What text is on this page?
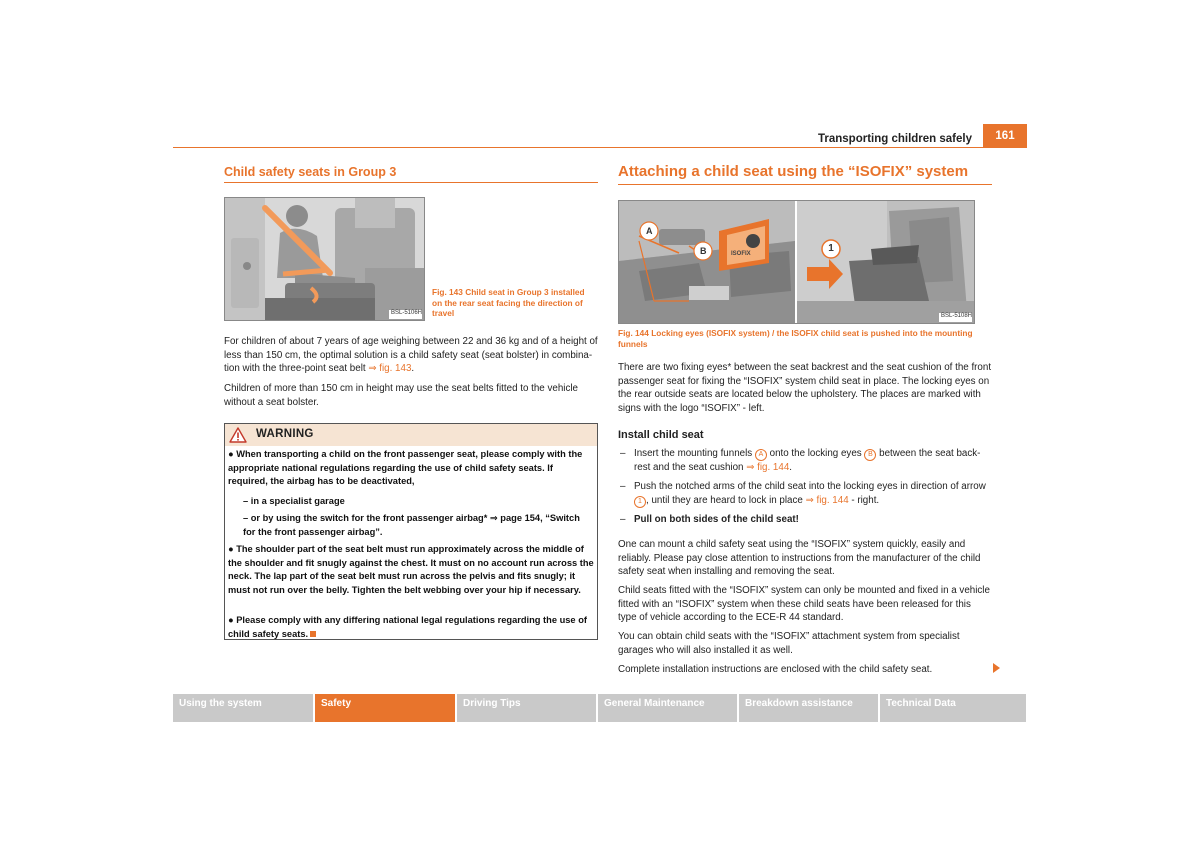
Transporting children safely	161
Child safety seats in Group 3
BSL-5106H
Fig. 143 Child seat in Group 3 installed on the rear seat facing the direction of travel
For children of about 7 years of age weighing between 22 and 36 kg and of a height of less than 150 cm, the optimal solution is a child safety seat (seat bolster) in combina-tion with the three-point seat belt ⇒ fig. 143.
Children of more than 150 cm in height may use the seat belts fitted to the vehicle without a seat bolster.
WARNING
● When transporting a child on the front passenger seat, please comply with the appropriate national regulations regarding the use of child safety seats. If required, the airbag has to be deactivated,
– in a specialist garage
– or by using the switch for the front passenger airbag* ⇒ page 154, “Switch for the front passenger airbag”.
● The shoulder part of the seat belt must run approximately across the middle of the shoulder and fit snugly against the chest. It must on no account run across the neck. The lap part of the seat belt must run across the pelvis and fits snugly; it must not run over the belly. Tighten the belt webbing over your hip if necessary.
● Please comply with any differing national legal regulations regarding the use of child safety seats.
Attaching a child seat using the “ISOFIX” system
A
B	1
ISOFIX
BSL-5108H
Fig. 144 Locking eyes (ISOFIX system) / the ISOFIX child seat is pushed into the mounting funnels
There are two fixing eyes* between the seat backrest and the seat cushion of the front passenger seat for fixing the “ISOFIX” system child seat in place. The locking eyes on the rear outside seats are located below the upholstery. The places are marked with signs with the logo “ISOFIX” - left.
Install child seat
– Insert the mounting funnels A onto the locking eyes B between the seat back-rest and the seat cushion ⇒ fig. 144.
– Push the notched arms of the child seat into the locking eyes in direction of arrow 1 , until they are heard to lock in place ⇒ fig. 144 - right.
– Pull on both sides of the child seat!
One can mount a child safety seat using the “ISOFIX” system quickly, easily and reliably. Please pay close attention to instructions from the manufacturer of the child safety seat when installing and removing the seat.
Child seats fitted with the “ISOFIX” system can only be mounted and fixed in a vehicle fitted with an “ISOFIX” system when these child seats have been released for this type of vehicle according to the ECE-R 44 standard.
You can obtain child seats with the “ISOFIX” attachment system from specialist garages who will also installed it as well.
Complete installation instructions are enclosed with the child safety seat.
Using the system	Safety	Driving Tips	General Maintenance	Breakdown assistance	Technical Data
